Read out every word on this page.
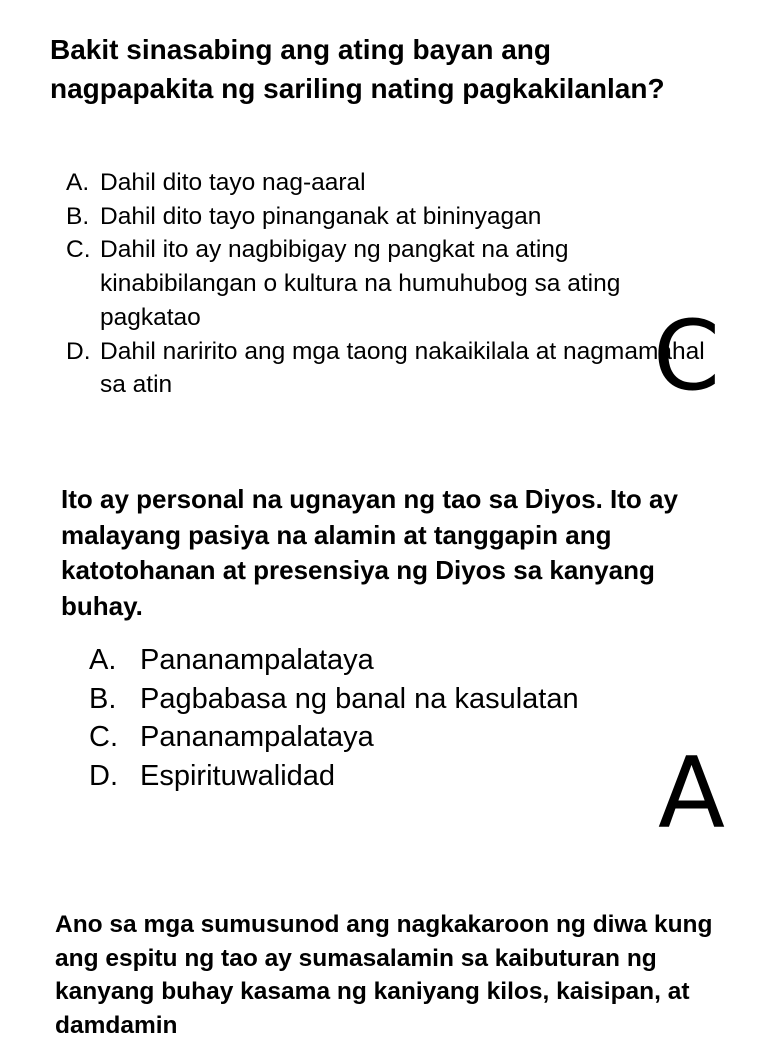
Bakit sinasabing ang ating bayan ang nagpapakita ng sariling nating pagkakilanlan?

A. Dahil dito tayo nag-aaral
B. Dahil dito tayo pinanganak at bininyagan
C. Dahil ito ay nagbibigay ng pangkat na ating kinabibilangan o kultura na humuhubog sa ating pagkatao
D. Dahil naririto ang mga taong nakaikilala at nagmamahal sa atin	C

Ito ay personal na ugnayan ng tao sa Diyos. Ito ay malayang pasiya na alamin at tanggapin ang katotohanan at presensiya ng Diyos sa kanyang buhay.

A. Pananampalataya
B. Pagbabasa ng banal na kasulatan
C. Pananampalataya
D. Espirituwalidad	A

Ano sa mga sumusunod ang nagkakaroon ng diwa kung ang espitu ng tao ay sumasalamin sa kaibuturan ng kanyang buhay kasama ng kaniyang kilos, kaisipan, at damdamin
